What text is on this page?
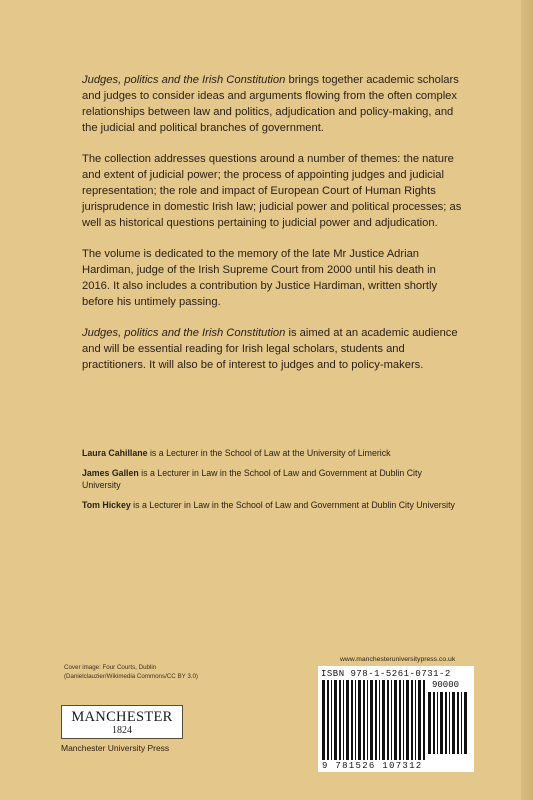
Judges, politics and the Irish Constitution brings together academic scholars and judges to consider ideas and arguments flowing from the often complex relationships between law and politics, adjudication and policy-making, and the judicial and political branches of government.

The collection addresses questions around a number of themes: the nature and extent of judicial power; the process of appointing judges and judicial representation; the role and impact of European Court of Human Rights jurisprudence in domestic Irish law; judicial power and political processes; as well as historical questions pertaining to judicial power and adjudication.

The volume is dedicated to the memory of the late Mr Justice Adrian Hardiman, judge of the Irish Supreme Court from 2000 until his death in 2016. It also includes a contribution by Justice Hardiman, written shortly before his untimely passing.

Judges, politics and the Irish Constitution is aimed at an academic audience and will be essential reading for Irish legal scholars, students and practitioners. It will also be of interest to judges and to policy-makers.

Laura Cahillane is a Lecturer in the School of Law at the University of Limerick

James Gallen is a Lecturer in Law in the School of Law and Government at Dublin City University

Tom Hickey is a Lecturer in Law in the School of Law and Government at Dublin City University

Cover image: Four Courts, Dublin
(Danielclauzier/Wikimedia Commons/CC BY 3.0)
MANCHESTER
1824
Manchester University Press
www.manchesteruniversitypress.co.uk
ISBN 978-1-5261-0731-2
90000
9 781526 107312
